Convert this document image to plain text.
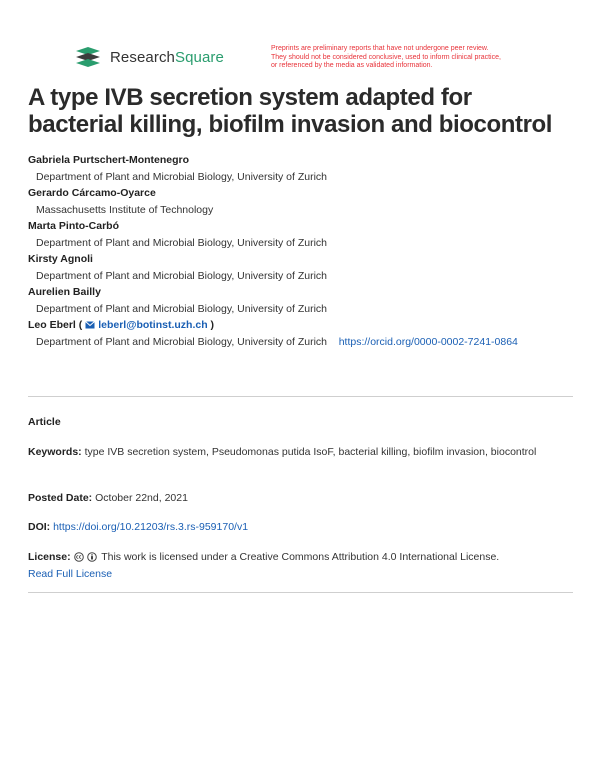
ResearchSquare	Preprints are preliminary reports that have not undergone peer review.
They should not be considered conclusive, used to inform clinical practice,
or referenced by the media as validated information.
A type IVB secretion system adapted for bacterial killing, biofilm invasion and biocontrol
Gabriela Purtschert-Montenegro
Department of Plant and Microbial Biology, University of Zurich
Gerardo Cárcamo-Oyarce
Massachusetts Institute of Technology
Marta Pinto-Carbó
Department of Plant and Microbial Biology, University of Zurich
Kirsty Agnoli
Department of Plant and Microbial Biology, University of Zurich
Aurelien Bailly
Department of Plant and Microbial Biology, University of Zurich
Leo Eberl ( leberl@botinst.uzh.ch )
Department of Plant and Microbial Biology, University of Zurich https://orcid.org/0000-0002-7241-0864
Article
Keywords: type IVB secretion system, Pseudomonas putida IsoF, bacterial killing, biofilm invasion, biocontrol
Posted Date: October 22nd, 2021
DOI: https://doi.org/10.21203/rs.3.rs-959170/v1
License:	This work is licensed under a Creative Commons Attribution 4.0 International License.
Read Full License
